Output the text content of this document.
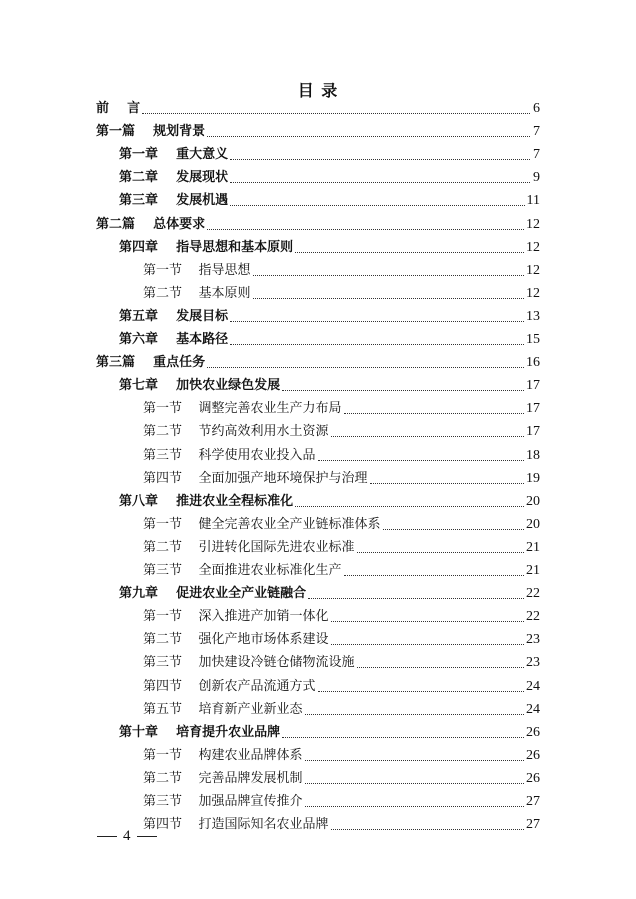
目 录
前    言	6
第一篇    规划背景	7
第一章    重大意义	7
第二章    发展现状	9
第三章    发展机遇	11
第二篇    总体要求	12
第四章    指导思想和基本原则	12
第一节    指导思想	12
第二节    基本原则	12
第五章    发展目标	13
第六章    基本路径	15
第三篇    重点任务	16
第七章    加快农业绿色发展	17
第一节    调整完善农业生产力布局	17
第二节    节约高效利用水土资源	17
第三节    科学使用农业投入品	18
第四节    全面加强产地环境保护与治理	19
第八章    推进农业全程标准化	20
第一节    健全完善农业全产业链标准体系	20
第二节    引进转化国际先进农业标准	21
第三节    全面推进农业标准化生产	21
第九章    促进农业全产业链融合	22
第一节    深入推进产加销一体化	22
第二节    强化产地市场体系建设	23
第三节    加快建设冷链仓储物流设施	23
第四节    创新农产品流通方式	24
第五节    培育新产业新业态	24
第十章    培育提升农业品牌	26
第一节    构建农业品牌体系	26
第二节    完善品牌发展机制	26
第三节    加强品牌宣传推介	27
第四节    打造国际知名农业品牌	27
4
